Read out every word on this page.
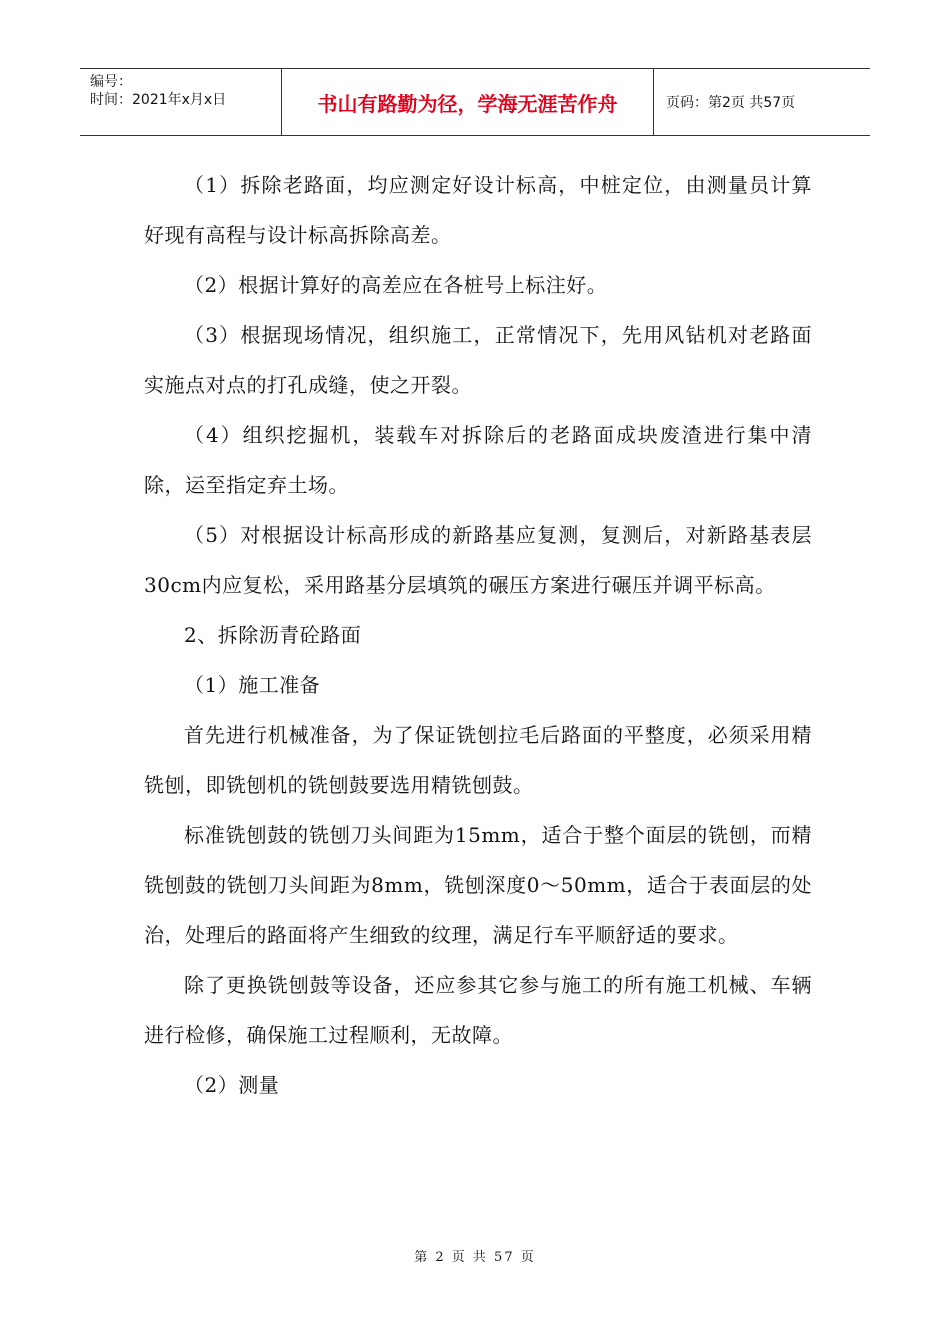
编号：
时间：2021年x月x日	书山有路勤为径，学海无涯苦作舟	页码：第2页 共57页

（1）拆除老路面，均应测定好设计标高，中桩定位，由测量员计算好现有高程与设计标高拆除高差。

（2）根据计算好的高差应在各桩号上标注好。

（3）根据现场情况，组织施工，正常情况下，先用风钻机对老路面实施点对点的打孔成缝，使之开裂。

（4）组织挖掘机，装载车对拆除后的老路面成块废渣进行集中清除，运至指定弃土场。

（5）对根据设计标高形成的新路基应复测，复测后，对新路基表层30cm内应复松，采用路基分层填筑的碾压方案进行碾压并调平标高。

2、拆除沥青砼路面

（1）施工准备

首先进行机械准备，为了保证铣刨拉毛后路面的平整度，必须采用精铣刨，即铣刨机的铣刨鼓要选用精铣刨鼓。

标准铣刨鼓的铣刨刀头间距为15mm，适合于整个面层的铣刨，而精铣刨鼓的铣刨刀头间距为8mm，铣刨深度0～50mm，适合于表面层的处治，处理后的路面将产生细致的纹理，满足行车平顺舒适的要求。

除了更换铣刨鼓等设备，还应参其它参与施工的所有施工机械、车辆进行检修，确保施工过程顺利，无故障。

（2）测量

第 2 页 共 57 页
